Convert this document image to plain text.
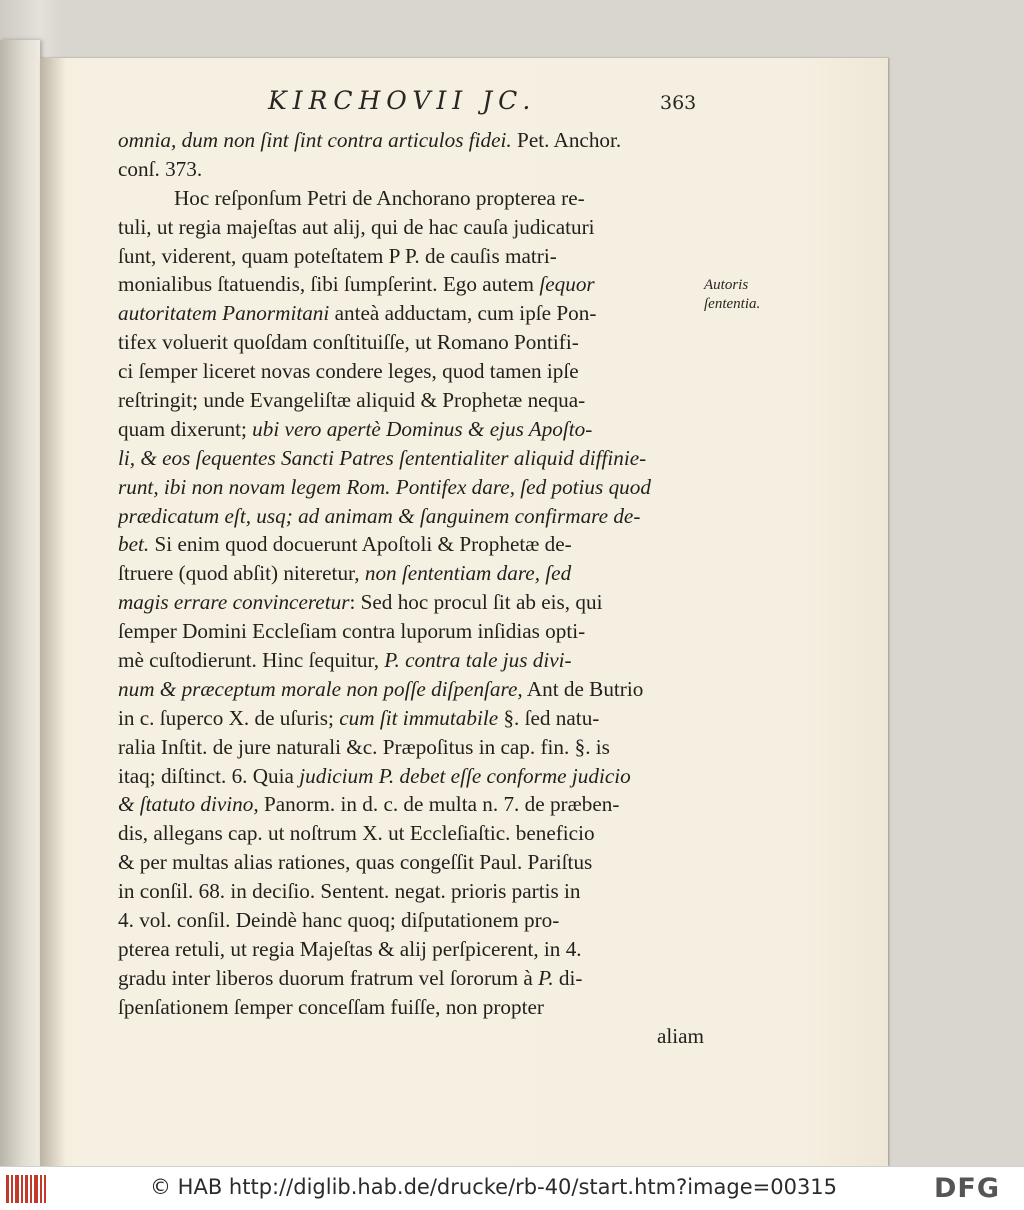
KIRCHOVII JC.	363
omnia, dum non ſint ſint contra articulos fidei. Pet. Anchor.
conſ. 373.
Hoc reſponſum Petri de Anchorano propterea re-
tuli, ut regia majeſtas aut alij, qui de hac cauſa judicaturi
ſunt, viderent, quam poteſtatem P P. de cauſis matri-
monialibus ſtatuendis, ſibi ſumpſerint. Ego autem ſequor
autoritatem Panormitani anteà adductam, cum ipſe Pon-
tifex voluerit quoſdam conſtituiſſe, ut Romano Pontifi-
ci ſemper liceret novas condere leges, quod tamen ipſe
reſtringit; unde Evangeliſtæ aliquid & Prophetæ nequa-
quam dixerunt; ubi vero apertè Dominus & ejus Apoſto-
li, & eos ſequentes Sancti Patres ſententialiter aliquid diffinie-
runt, ibi non novam legem Rom. Pontifex dare, ſed potius quod
prædicatum eſt, usq; ad animam & ſanguinem confirmare de-
bet. Si enim quod docuerunt Apoſtoli & Prophetæ de-
ſtruere (quod abſit) niteretur, non ſententiam dare, ſed
magis errare convinceretur: Sed hoc procul ſit ab eis, qui
ſemper Domini Eccleſiam contra luporum inſidias opti-
mè cuſtodierunt. Hinc ſequitur, P. contra tale jus divi-
num & præceptum morale non poſſe diſpenſare, Ant de Butrio
in c. ſuperco X. de uſuris; cum ſit immutabile §. ſed natu-
ralia Inſtit. de jure naturali &c. Præpoſitus in cap. fin. §. is
itaq; diſtinct. 6. Quia judicium P. debet eſſe conforme judicio
& ſtatuto divino, Panorm. in d. c. de multa n. 7. de præben-
dis, allegans cap. ut noſtrum X. ut Eccleſiaſtic. beneficio
& per multas alias rationes, quas congeſſit Paul. Pariſtus
in conſil. 68. in deciſio. Sentent. negat. prioris partis in
4. vol. conſil. Deindè hanc quoq; diſputationem pro-
pterea retuli, ut regia Majeſtas & alij perſpicerent, in 4.
gradu inter liberos duorum fratrum vel ſororum à P. di-
ſpenſationem ſemper conceſſam fuiſſe, non propter
aliam
Autoris
ſententia.
© HAB http://diglib.hab.de/drucke/rb-40/start.htm?image=00315	DFG
